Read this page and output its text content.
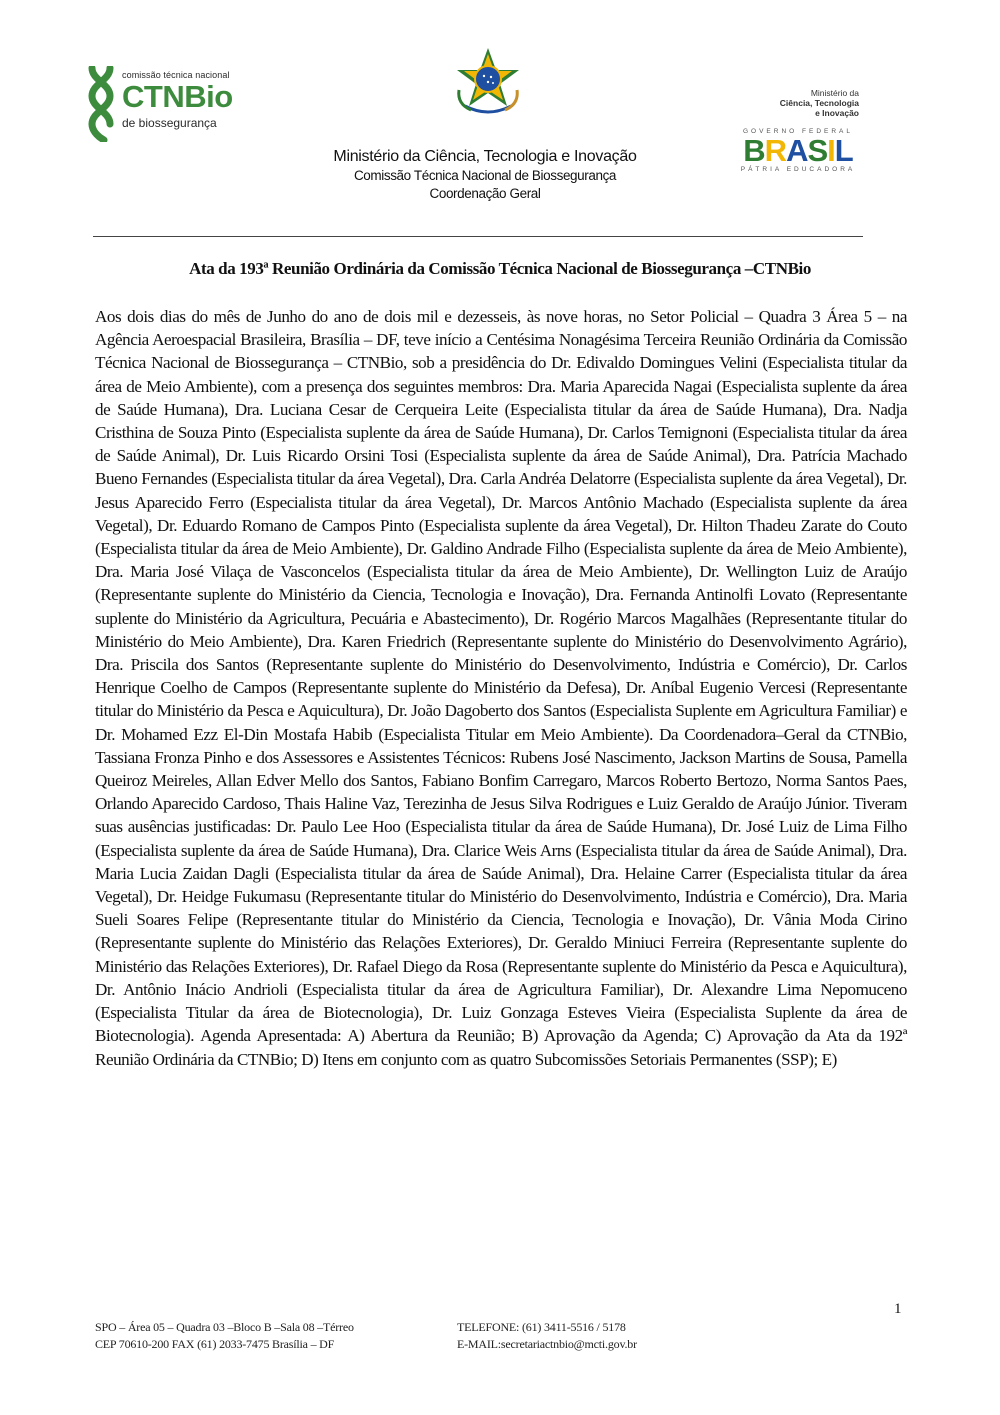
comissão técnica nacional
CTNBio
de biossegurança
Ministério da
Ciência, Tecnologia
e Inovação
GOVERNO FEDERAL
BRASIL
PÁTRIA EDUCADORA
Ministério da Ciência, Tecnologia e Inovação
Comissão Técnica Nacional de Biossegurança
Coordenação Geral
Ata da 193ª Reunião Ordinária da Comissão Técnica Nacional de Biossegurança –CTNBio

Aos dois dias do mês de Junho do ano de dois mil e dezesseis, às nove horas, no Setor Policial – Quadra 3 Área 5 – na Agência Aeroespacial Brasileira, Brasília – DF, teve início a Centésima Nonagésima Terceira Reunião Ordinária da Comissão Técnica Nacional de Biossegurança – CTNBio, sob a presidência do Dr. Edivaldo Domingues Velini (Especialista titular da área de Meio Ambiente), com a presença dos seguintes membros: Dra. Maria Aparecida Nagai (Especialista suplente da área de Saúde Humana), Dra. Luciana Cesar de Cerqueira Leite (Especialista titular da área de Saúde Humana), Dra. Nadja Cristhina de Souza Pinto (Especialista suplente da área de Saúde Humana), Dr. Carlos Temignoni (Especialista titular da área de Saúde Animal), Dr. Luis Ricardo Orsini Tosi (Especialista suplente da área de Saúde Animal), Dra. Patrícia Machado Bueno Fernandes (Especialista titular da área Vegetal), Dra. Carla Andréa Delatorre (Especialista suplente da área Vegetal), Dr. Jesus Aparecido Ferro (Especialista titular da área Vegetal), Dr. Marcos Antônio Machado (Especialista suplente da área Vegetal), Dr. Eduardo Romano de Campos Pinto (Especialista suplente da área Vegetal), Dr. Hilton Thadeu Zarate do Couto (Especialista titular da área de Meio Ambiente), Dr. Galdino Andrade Filho (Especialista suplente da área de Meio Ambiente), Dra. Maria José Vilaça de Vasconcelos (Especialista titular da área de Meio Ambiente), Dr. Wellington Luiz de Araújo (Representante suplente do Ministério da Ciencia, Tecnologia e Inovação), Dra. Fernanda Antinolfi Lovato (Representante suplente do Ministério da Agricultura, Pecuária e Abastecimento), Dr. Rogério Marcos Magalhães (Representante titular do Ministério do Meio Ambiente), Dra. Karen Friedrich (Representante suplente do Ministério do Desenvolvimento Agrário), Dra. Priscila dos Santos (Representante suplente do Ministério do Desenvolvimento, Indústria e Comércio), Dr. Carlos Henrique Coelho de Campos (Representante suplente do Ministério da Defesa), Dr. Aníbal Eugenio Vercesi (Representante titular do Ministério da Pesca e Aquicultura), Dr. João Dagoberto dos Santos (Especialista Suplente em Agricultura Familiar) e Dr. Mohamed Ezz El-Din Mostafa Habib (Especialista Titular em Meio Ambiente). Da Coordenadora–Geral da CTNBio, Tassiana Fronza Pinho e dos Assessores e Assistentes Técnicos: Rubens José Nascimento, Jackson Martins de Sousa, Pamella Queiroz Meireles, Allan Edver Mello dos Santos, Fabiano Bonfim Carregaro, Marcos Roberto Bertozo, Norma Santos Paes, Orlando Aparecido Cardoso, Thais Haline Vaz, Terezinha de Jesus Silva Rodrigues e Luiz Geraldo de Araújo Júnior. Tiveram suas ausências justificadas: Dr. Paulo Lee Hoo (Especialista titular da área de Saúde Humana), Dr. José Luiz de Lima Filho (Especialista suplente da área de Saúde Humana), Dra. Clarice Weis Arns (Especialista titular da área de Saúde Animal), Dra. Maria Lucia Zaidan Dagli (Especialista titular da área de Saúde Animal), Dra. Helaine Carrer (Especialista titular da área Vegetal), Dr. Heidge Fukumasu (Representante titular do Ministério do Desenvolvimento, Indústria e Comércio), Dra. Maria Sueli Soares Felipe (Representante titular do Ministério da Ciencia, Tecnologia e Inovação), Dr. Vânia Moda Cirino (Representante suplente do Ministério das Relações Exteriores), Dr. Geraldo Miniuci Ferreira (Representante suplente do Ministério das Relações Exteriores), Dr. Rafael Diego da Rosa (Representante suplente do Ministério da Pesca e Aquicultura), Dr. Antônio Inácio Andrioli (Especialista titular da área de Agricultura Familiar), Dr. Alexandre Lima Nepomuceno (Especialista Titular da área de Biotecnologia), Dr. Luiz Gonzaga Esteves Vieira (Especialista Suplente da área de Biotecnologia). Agenda Apresentada: A) Abertura da Reunião; B) Aprovação da Agenda; C) Aprovação da Ata da 192ª Reunião Ordinária da CTNBio; D) Itens em conjunto com as quatro Subcomissões Setoriais Permanentes (SSP); E)

1
SPO – Área 05 – Quadra 03 –Bloco B –Sala 08 –Térreo
CEP 70610-200 FAX (61) 2033-7475 Brasília – DF
TELEFONE: (61) 3411-5516 / 5178
E-MAIL:secretariactnbio@mcti.gov.br
